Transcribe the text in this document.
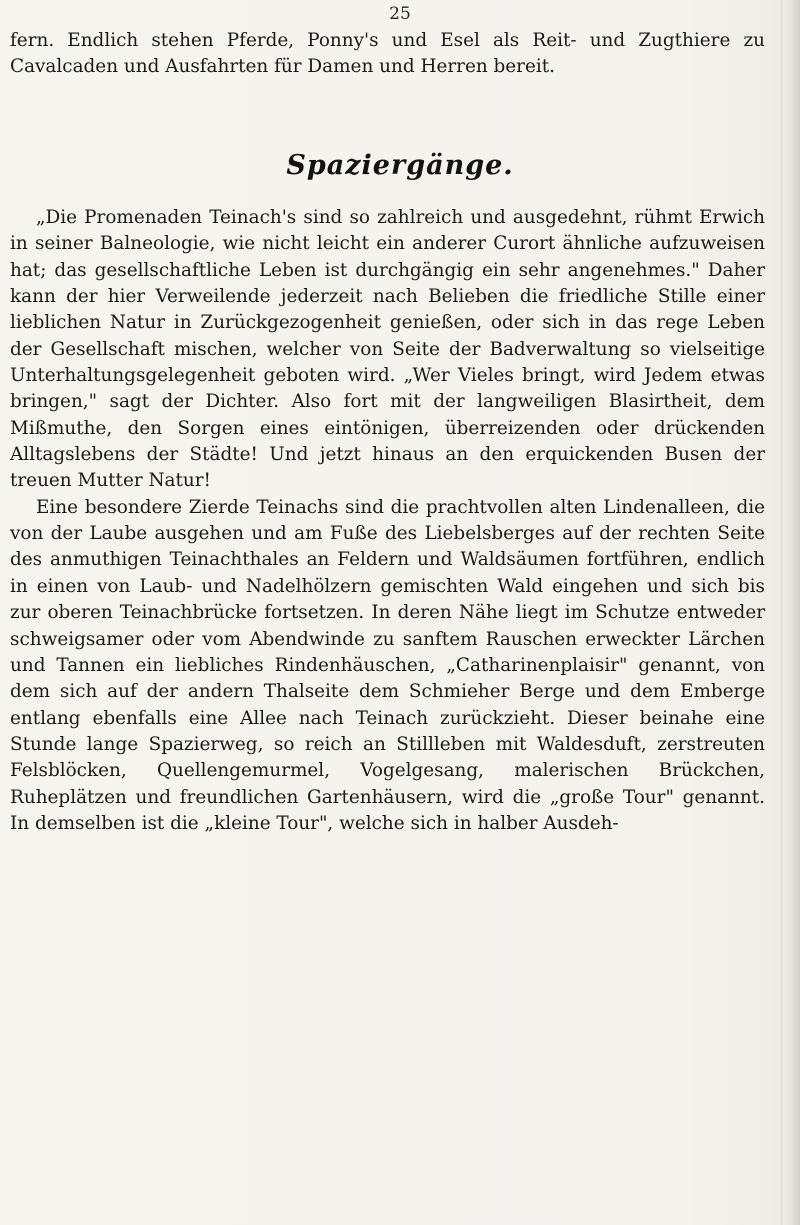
25

fern. Endlich stehen Pferde, Ponny's und Esel als Reit- und Zugthiere zu Cavalcaden und Ausfahrten für Damen und Herren bereit.

Spaziergänge.

„Die Promenaden Teinach's sind so zahlreich und ausgedehnt, rühmt Erwich in seiner Balneologie, wie nicht leicht ein anderer Curort ähnliche aufzuweisen hat; das gesellschaftliche Leben ist durchgängig ein sehr angenehmes." Daher kann der hier Verweilende jederzeit nach Belieben die friedliche Stille einer lieblichen Natur in Zurückgezogenheit genießen, oder sich in das rege Leben der Gesellschaft mischen, welcher von Seite der Badverwaltung so vielseitige Unterhaltungsgelegenheit geboten wird. „Wer Vieles bringt, wird Jedem etwas bringen," sagt der Dichter. Also fort mit der langweiligen Blasirtheit, dem Mißmuthe, den Sorgen eines eintönigen, überreizenden oder drückenden Alltagslebens der Städte! Und jetzt hinaus an den erquickenden Busen der treuen Mutter Natur!

Eine besondere Zierde Teinachs sind die prachtvollen alten Lindenalleen, die von der Laube ausgehen und am Fuße des Liebelsberges auf der rechten Seite des anmuthigen Teinachthales an Feldern und Waldsäumen fortführen, endlich in einen von Laub- und Nadelhölzern gemischten Wald eingehen und sich bis zur oberen Teinachbrücke fortsetzen. In deren Nähe liegt im Schutze entweder schweigsamer oder vom Abendwinde zu sanftem Rauschen erweckter Lärchen und Tannen ein liebliches Rindenhäuschen, „Catharinenplaisir" genannt, von dem sich auf der andern Thalseite dem Schmieher Berge und dem Emberge entlang ebenfalls eine Allee nach Teinach zurückzieht. Dieser beinahe eine Stunde lange Spazierweg, so reich an Stillleben mit Waldesduft, zerstreuten Felsblöcken, Quellengemurmel, Vogelgesang, malerischen Brückchen, Ruheplätzen und freundlichen Gartenhäusern, wird die „große Tour" genannt. In demselben ist die „kleine Tour", welche sich in halber Ausdeh-
